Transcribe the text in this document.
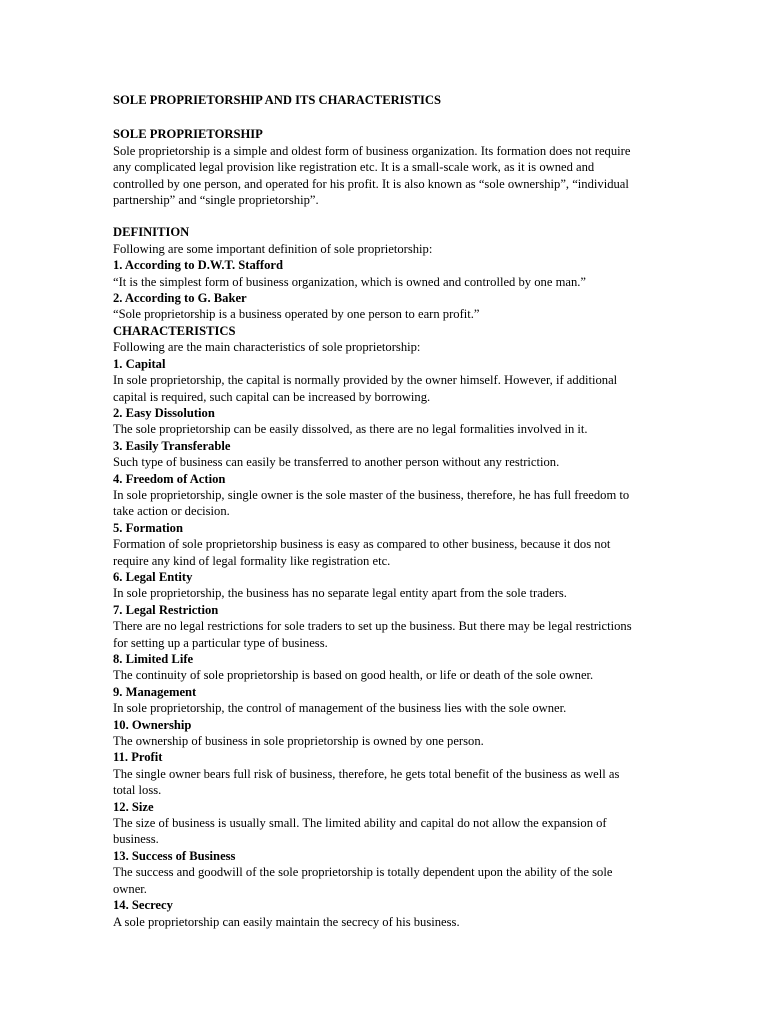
SOLE PROPRIETORSHIP AND ITS CHARACTERISTICS

SOLE PROPRIETORSHIP

Sole proprietorship is a simple and oldest form of business organization. Its formation does not require any complicated legal provision like registration etc. It is a small-scale work, as it is owned and controlled by one person, and operated for his profit. It is also known as “sole ownership”, “individual partnership” and “single proprietorship”.

DEFINITION

Following are some important definition of sole proprietorship:

1. According to D.W.T. Stafford

“It is the simplest form of business organization, which is owned and controlled by one man.”

2. According to G. Baker

“Sole proprietorship is a business operated by one person to earn profit.”

CHARACTERISTICS

Following are the main characteristics of sole proprietorship:

1. Capital

In sole proprietorship, the capital is normally provided by the owner himself. However, if additional capital is required, such capital can be increased by borrowing.

2. Easy Dissolution

The sole proprietorship can be easily dissolved, as there are no legal formalities involved in it.

3. Easily Transferable

Such type of business can easily be transferred to another person without any restriction.

4. Freedom of Action

In sole proprietorship, single owner is the sole master of the business, therefore, he has full freedom to take action or decision.

5. Formation

Formation of sole proprietorship business is easy as compared to other business, because it dos not require any kind of legal formality like registration etc.

6. Legal Entity

In sole proprietorship, the business has no separate legal entity apart from the sole traders.

7. Legal Restriction

There are no legal restrictions for sole traders to set up the business. But there may be legal restrictions for setting up a particular type of business.

8. Limited Life

The continuity of sole proprietorship is based on good health, or life or death of the sole owner.

9. Management

In sole proprietorship, the control of management of the business lies with the sole owner.

10. Ownership

The ownership of business in sole proprietorship is owned by one person.

11. Profit

The single owner bears full risk of business, therefore, he gets total benefit of the business as well as total loss.

12. Size

The size of business is usually small. The limited ability and capital do not allow the expansion of business.

13. Success of Business

The success and goodwill of the sole proprietorship is totally dependent upon the ability of the sole owner.

14. Secrecy

A sole proprietorship can easily maintain the secrecy of his business.
